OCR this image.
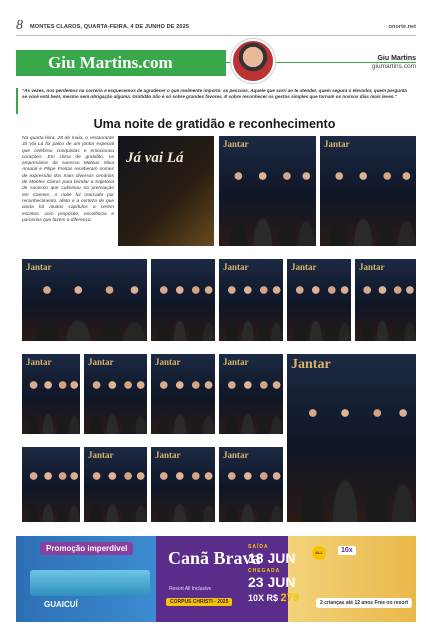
8 MONTES CLAROS, QUARTA-FEIRA, 4 DE JUNHO DE 2025	onorte.net
Giu Martins.com	Giu Martins
giumartins.com
"Às vezes, nos perdemos na correria e esquecemos de agradecer o que realmente importa: as pessoas. Aquele que sorri ao te atender, quem segura o elevador, quem pergunta se você está bem, mesmo sem obrigação alguma. Gratidão não é só sobre grandes favores. É sobre reconhecer os gestos simples que tornam os nossos dias mais leves."
Uma noite de gratidão e reconhecimento
Na quarta-feira, 28 de maio, o restaurante Já Vai Lá foi palco de um jantar especial que celebrou conquistas e emocionou corações. Em clima de gratidão, os empresários de sucesso Mateus Silva Amaral e Filipe Freitas receberam nomes de expressão dos mais diversos cenários de Montes Claros para brindar a trajetória de sucesso que culminou na premiação em Cannes. A noite foi marcada por reconhecimento, afeto e a certeza de que ainda há muitos capítulos a serem escritos, com propósito, excelência e parcerias que fazem a diferença.
Já vai Lá
Jantar	Jantar
Jantar	Jantar	Jantar	Jantar
Jantar	Jantar	Jantar	Jantar	Jantar
Jantar	Jantar	Jantar
Promoção imperdível
GUAICUÍ
Canã Brava
Resort All Inclusive
CORPUS CHRISTI - 2025
SAÍDA
18 JUN
CHEGADA
23 JUN
10X R$ 279
ALL	10x
2 crianças até 12 anos Free no resort
